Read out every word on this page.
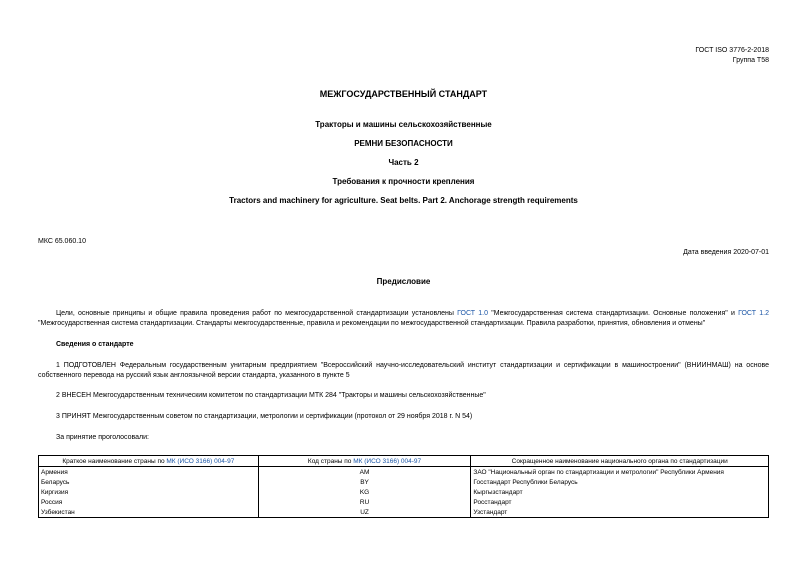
ГОСТ ISO 3776-2-2018
Группа Т58
МЕЖГОСУДАРСТВЕННЫЙ СТАНДАРТ
Тракторы и машины сельскохозяйственные
РЕМНИ БЕЗОПАСНОСТИ
Часть 2
Требования к прочности крепления
Tractors and machinery for agriculture. Seat belts. Part 2. Anchorage strength requirements
МКС 65.060.10
Дата введения 2020-07-01
Предисловие
Цели, основные принципы и общие правила проведения работ по межгосударственной стандартизации установлены ГОСТ 1.0 "Межгосударственная система стандартизации. Основные положения" и ГОСТ 1.2 "Межгосударственная система стандартизации. Стандарты межгосударственные, правила и рекомендации по межгосударственной стандартизации. Правила разработки, принятия, обновления и отмены"
Сведения о стандарте
1 ПОДГОТОВЛЕН Федеральным государственным унитарным предприятием "Всероссийский научно-исследовательский институт стандартизации и сертификации в машиностроении" (ВНИИНМАШ) на основе собственного перевода на русский язык англоязычной версии стандарта, указанного в пункте 5
2 ВНЕСЕН Межгосударственным техническим комитетом по стандартизации МТК 284 "Тракторы и машины сельскохозяйственные"
3 ПРИНЯТ Межгосударственным советом по стандартизации, метрологии и сертификации (протокол от 29 ноября 2018 г. N 54)
За принятие проголосовали:
Краткое наименование страны по МК (ИСО 3166) 004-97	Код страны по МК (ИСО 3166) 004-97	Сокращенное наименование национального органа по стандартизации
Армения	AM	ЗАО "Национальный орган по стандартизации и метрологии" Республики Армения
Беларусь	BY	Госстандарт Республики Беларусь
Киргизия	KG	Кыргызстандарт
Россия	RU	Росстандарт
Узбекистан	UZ	Узстандарт
